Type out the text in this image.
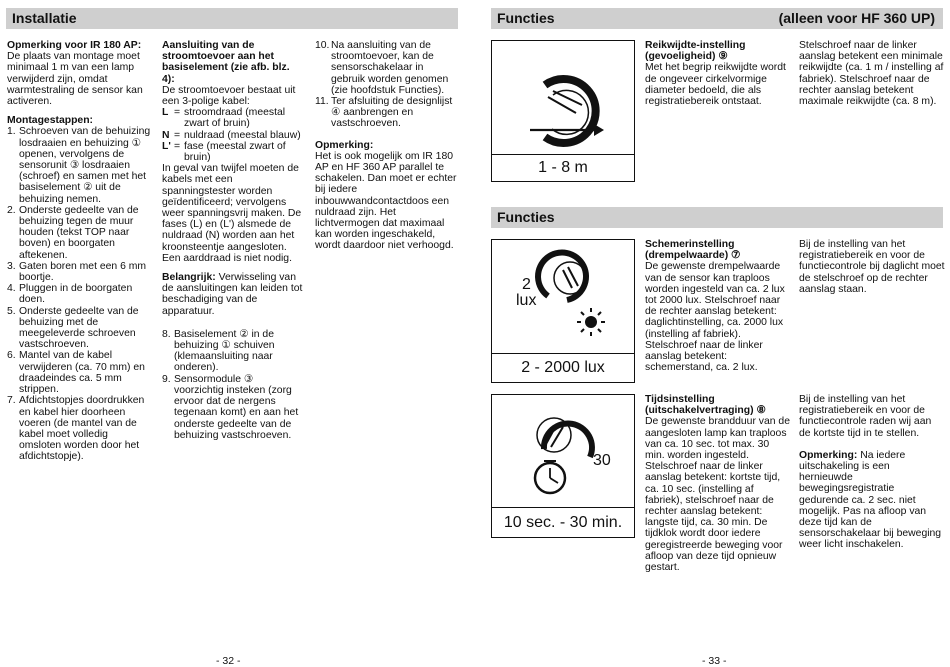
Installatie

Opmerking voor IR 180 AP:
De plaats van montage moet minimaal 1 m van een lamp verwijderd zijn, omdat warmtestraling de sensor kan activeren.

Montagestappen:
1. Schroeven van de behuizing losdraaien en behuizing ① openen, vervolgens de sensorunit ③ losdraaien (schroef) en samen met het basiselement ② uit de behuizing nemen.
2. Onderste gedeelte van de behuizing tegen de muur houden (tekst TOP naar boven) en boorgaten aftekenen.
3. Gaten boren met een 6 mm boortje.
4. Pluggen in de boorgaten doen.
5. Onderste gedeelte van de behuizing met de meegeleverde schroeven vastschroeven.
6. Mantel van de kabel verwijderen (ca. 70 mm) en draadeindes ca. 5 mm strippen.
7. Afdichtstopjes doordrukken en kabel hier doorheen voeren (de mantel van de kabel moet volledig omsloten worden door het afdichtstopje).
Aansluiting van de stroomtoevoer aan het basiselement (zie afb. blz. 4):
De stroomtoevoer bestaat uit een 3-polige kabel:
L = stroomdraad (meestal zwart of bruin)
N = nuldraad (meestal blauw)
L' = fase (meestal zwart of bruin)

In geval van twijfel moeten de kabels met een spanningstester worden geïdentificeerd; vervolgens weer spanningsvrij maken. De fases (L) en (L') alsmede de nuldraad (N) worden aan het kroonsteentje aangesloten. Een aarddraad is niet nodig.

Belangrijk: Verwisseling van de aansluitingen kan leiden tot beschadiging van de apparatuur.

8. Basiselement ② in de behuizing ① schuiven (klemaansluiting naar onderen).
9. Sensormodule ③ voorzichtig insteken (zorg ervoor dat de nergens tegenaan komt) en aan het onderste gedeelte van de behuizing vastschroeven.
10. Na aansluiting van de stroomtoevoer, kan de sensorschakelaar in gebruik worden genomen (zie hoofdstuk Functies).
11. Ter afsluiting de designlijst ④ aanbrengen en vastschroeven.

Opmerking:
Het is ook mogelijk om IR 180 AP en HF 360 AP parallel te schakelen. Dan moet er echter bij iedere inbouwwandcontactdoos een nuldraad zijn. Het lichtvermogen dat maximaal kan worden ingeschakeld, wordt daardoor niet verhoogd.

- 32 -
Functies	(alleen voor HF 360 UP)
1 - 8 m
Reikwijdte-instelling (gevoeligheid) ⑨
Met het begrip reikwijdte wordt de ongeveer cirkelvormige diameter bedoeld, die als registratiebereik ontstaat.
Stelschroef naar de linker aanslag betekent een minimale reikwijdte (ca. 1 m / instelling af fabriek). Stelschroef naar de rechter aanslag betekent maximale reikwijdte (ca. 8 m).
Functies
2
lux
2 - 2000 lux
Schemerinstelling (drempelwaarde) ⑦
De gewenste drempelwaarde van de sensor kan traploos worden ingesteld van ca. 2 lux tot 2000 lux. Stelschroef naar de rechter aanslag betekent: daglichtinstelling, ca. 2000 lux (instelling af fabriek). Stelschroef naar de linker aanslag betekent: schemerstand, ca. 2 lux.
Bij de instelling van het registratiebereik en voor de functiecontrole bij daglicht moet de stelschroef op de rechter aanslag staan.
30
10 sec. - 30 min.
Tijdsinstelling (uitschakelvertraging) ⑧
De gewenste brandduur van de aangesloten lamp kan traploos van ca. 10 sec. tot max. 30 min. worden ingesteld. Stelschroef naar de linker aanslag betekent: kortste tijd, ca. 10 sec. (instelling af fabriek), stelschroef naar de rechter aanslag betekent: langste tijd, ca. 30 min. De tijdklok wordt door iedere geregistreerde beweging voor afloop van deze tijd opnieuw gestart.

Bij de instelling van het registratiebereik en voor de functiecontrole raden wij aan de kortste tijd in te stellen.

Opmerking: Na iedere uitschakeling is een hernieuwde bewegingsregistratie gedurende ca. 2 sec. niet mogelijk. Pas na afloop van deze tijd kan de sensorschakelaar bij beweging weer licht inschakelen.

- 33 -
